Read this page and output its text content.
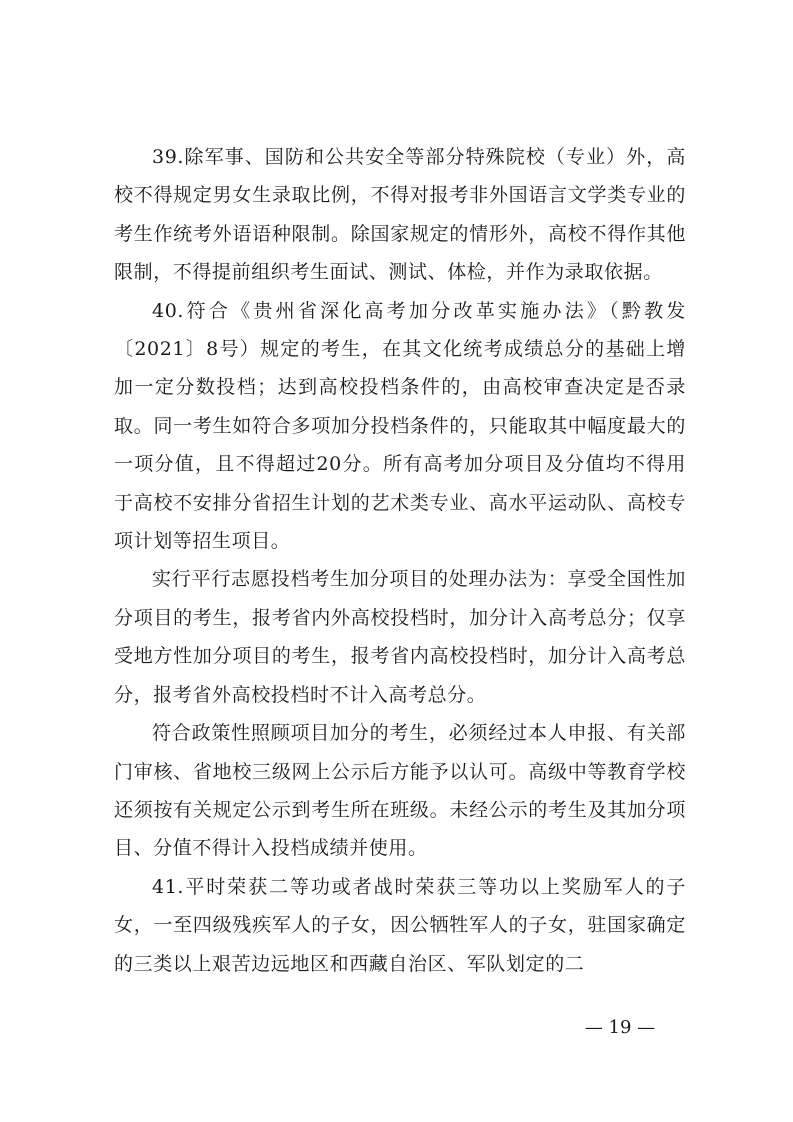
39.除军事、国防和公共安全等部分特殊院校（专业）外，高校不得规定男女生录取比例，不得对报考非外国语言文学类专业的考生作统考外语语种限制。除国家规定的情形外，高校不得作其他限制，不得提前组织考生面试、测试、体检，并作为录取依据。

40.符合《贵州省深化高考加分改革实施办法》（黔教发〔2021〕8号）规定的考生，在其文化统考成绩总分的基础上增加一定分数投档；达到高校投档条件的，由高校审查决定是否录取。同一考生如符合多项加分投档条件的，只能取其中幅度最大的一项分值，且不得超过20分。所有高考加分项目及分值均不得用于高校不安排分省招生计划的艺术类专业、高水平运动队、高校专项计划等招生项目。

实行平行志愿投档考生加分项目的处理办法为：享受全国性加分项目的考生，报考省内外高校投档时，加分计入高考总分；仅享受地方性加分项目的考生，报考省内高校投档时，加分计入高考总分，报考省外高校投档时不计入高考总分。

符合政策性照顾项目加分的考生，必须经过本人申报、有关部门审核、省地校三级网上公示后方能予以认可。高级中等教育学校还须按有关规定公示到考生所在班级。未经公示的考生及其加分项目、分值不得计入投档成绩并使用。

41.平时荣获二等功或者战时荣获三等功以上奖励军人的子女，一至四级残疾军人的子女，因公牺牲军人的子女，驻国家确定的三类以上艰苦边远地区和西藏自治区、军队划定的二

— 19 —
